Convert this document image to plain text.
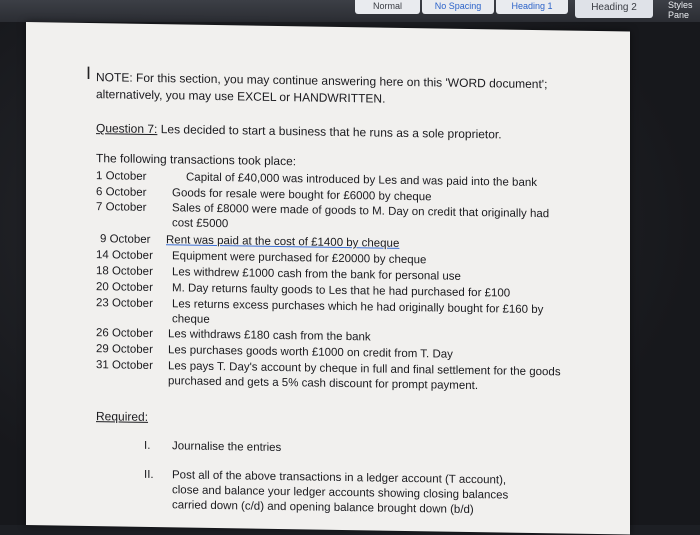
Normal	No Spacing	Heading 1	Heading 2	Styles Pane
I NOTE: For this section, you may continue answering here on this 'WORD document'; alternatively, you may use EXCEL or HANDWRITTEN.
Question 7: Les decided to start a business that he runs as a sole proprietor.
The following transactions took place:
1 October	Capital of £40,000 was introduced by Les and was paid into the bank
6 October Goods for resale were bought for £6000 by cheque
7 October Sales of £8000 were made of goods to M. Day on credit that originally had cost £5000
9 October Rent was paid at the cost of £1400 by cheque
14 October Equipment were purchased for £20000 by cheque
18 October Les withdrew £1000 cash from the bank for personal use
20 October M. Day returns faulty goods to Les that he had purchased for £100
23 October Les returns excess purchases which he had originally bought for £160 by cheque
26 October Les withdraws £180 cash from the bank
29 October Les purchases goods worth £1000 on credit from T. Day
31 October Les pays T. Day's account by cheque in full and final settlement for the goods purchased and gets a 5% cash discount for prompt payment.
Required:
I. Journalise the entries
II. Post all of the above transactions in a ledger account (T account), close and balance your ledger accounts showing closing balances carried down (c/d) and opening balance brought down (b/d)
